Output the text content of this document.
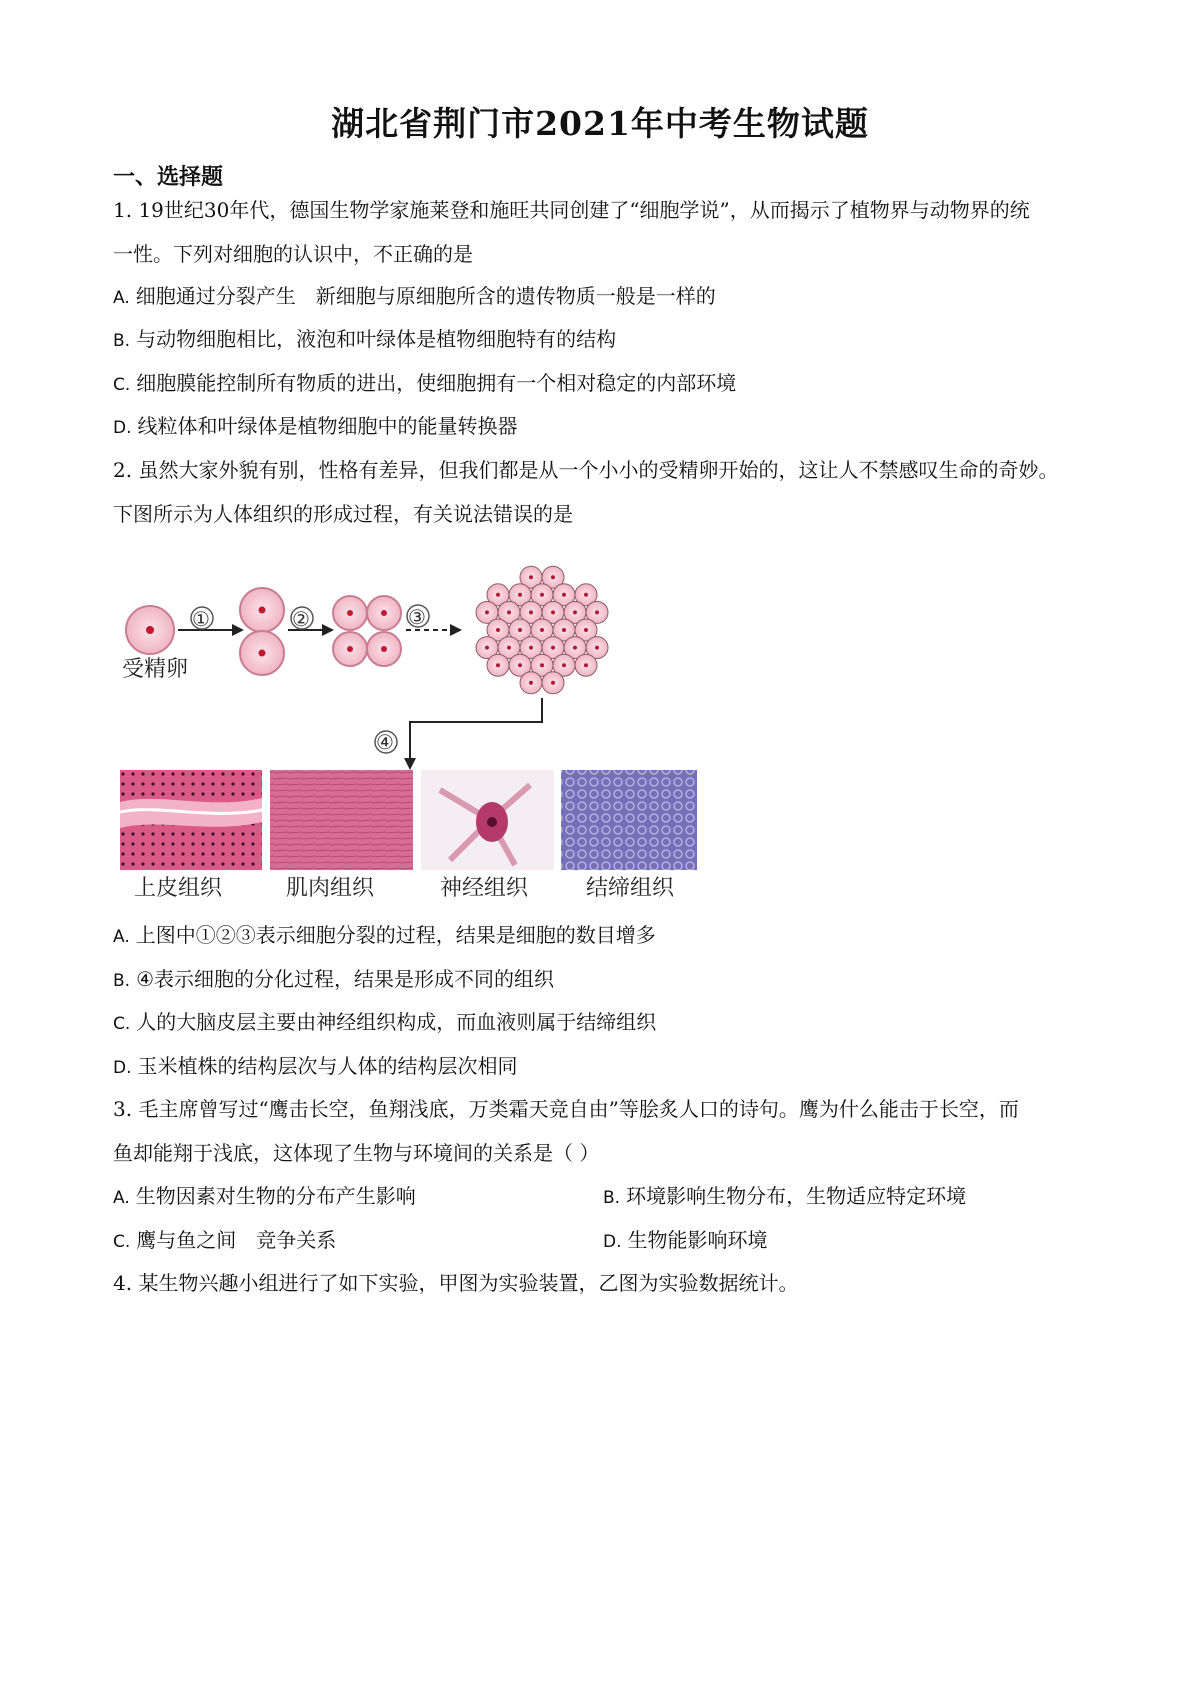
湖北省荆门市2021年中考生物试题
一、选择题
1. 19世纪30年代，德国生物学家施莱登和施旺共同创建了“细胞学说”，从而揭示了植物界与动物界的统
一性。下列对细胞的认识中，不正确的是
A. 细胞通过分裂产生　新细胞与原细胞所含的遗传物质一般是一样的
B. 与动物细胞相比，液泡和叶绿体是植物细胞特有的结构
C. 细胞膜能控制所有物质的进出，使细胞拥有一个相对稳定的内部环境
D. 线粒体和叶绿体是植物细胞中的能量转换器
2. 虽然大家外貌有别，性格有差异，但我们都是从一个小小的受精卵开始的，这让人不禁感叹生命的奇妙。
下图所示为人体组织的形成过程，有关说法错误的是
受精卵
①	②	③
④
上皮组织	肌肉组织	神经组织	结缔组织
A. 上图中①②③表示细胞分裂的过程，结果是细胞的数目增多
B. ④表示细胞的分化过程，结果是形成不同的组织
C. 人的大脑皮层主要由神经组织构成，而血液则属于结缔组织
D. 玉米植株的结构层次与人体的结构层次相同
3. 毛主席曾写过“鹰击长空，鱼翔浅底，万类霜天竞自由”等脍炙人口的诗句。鹰为什么能击于长空，而
鱼却能翔于浅底，这体现了生物与环境间的关系是（ ）
A. 生物因素对生物的分布产生影响	B. 环境影响生物分布，生物适应特定环境
C. 鹰与鱼之间　竞争关系	D. 生物能影响环境
4. 某生物兴趣小组进行了如下实验，甲图为实验装置，乙图为实验数据统计。
